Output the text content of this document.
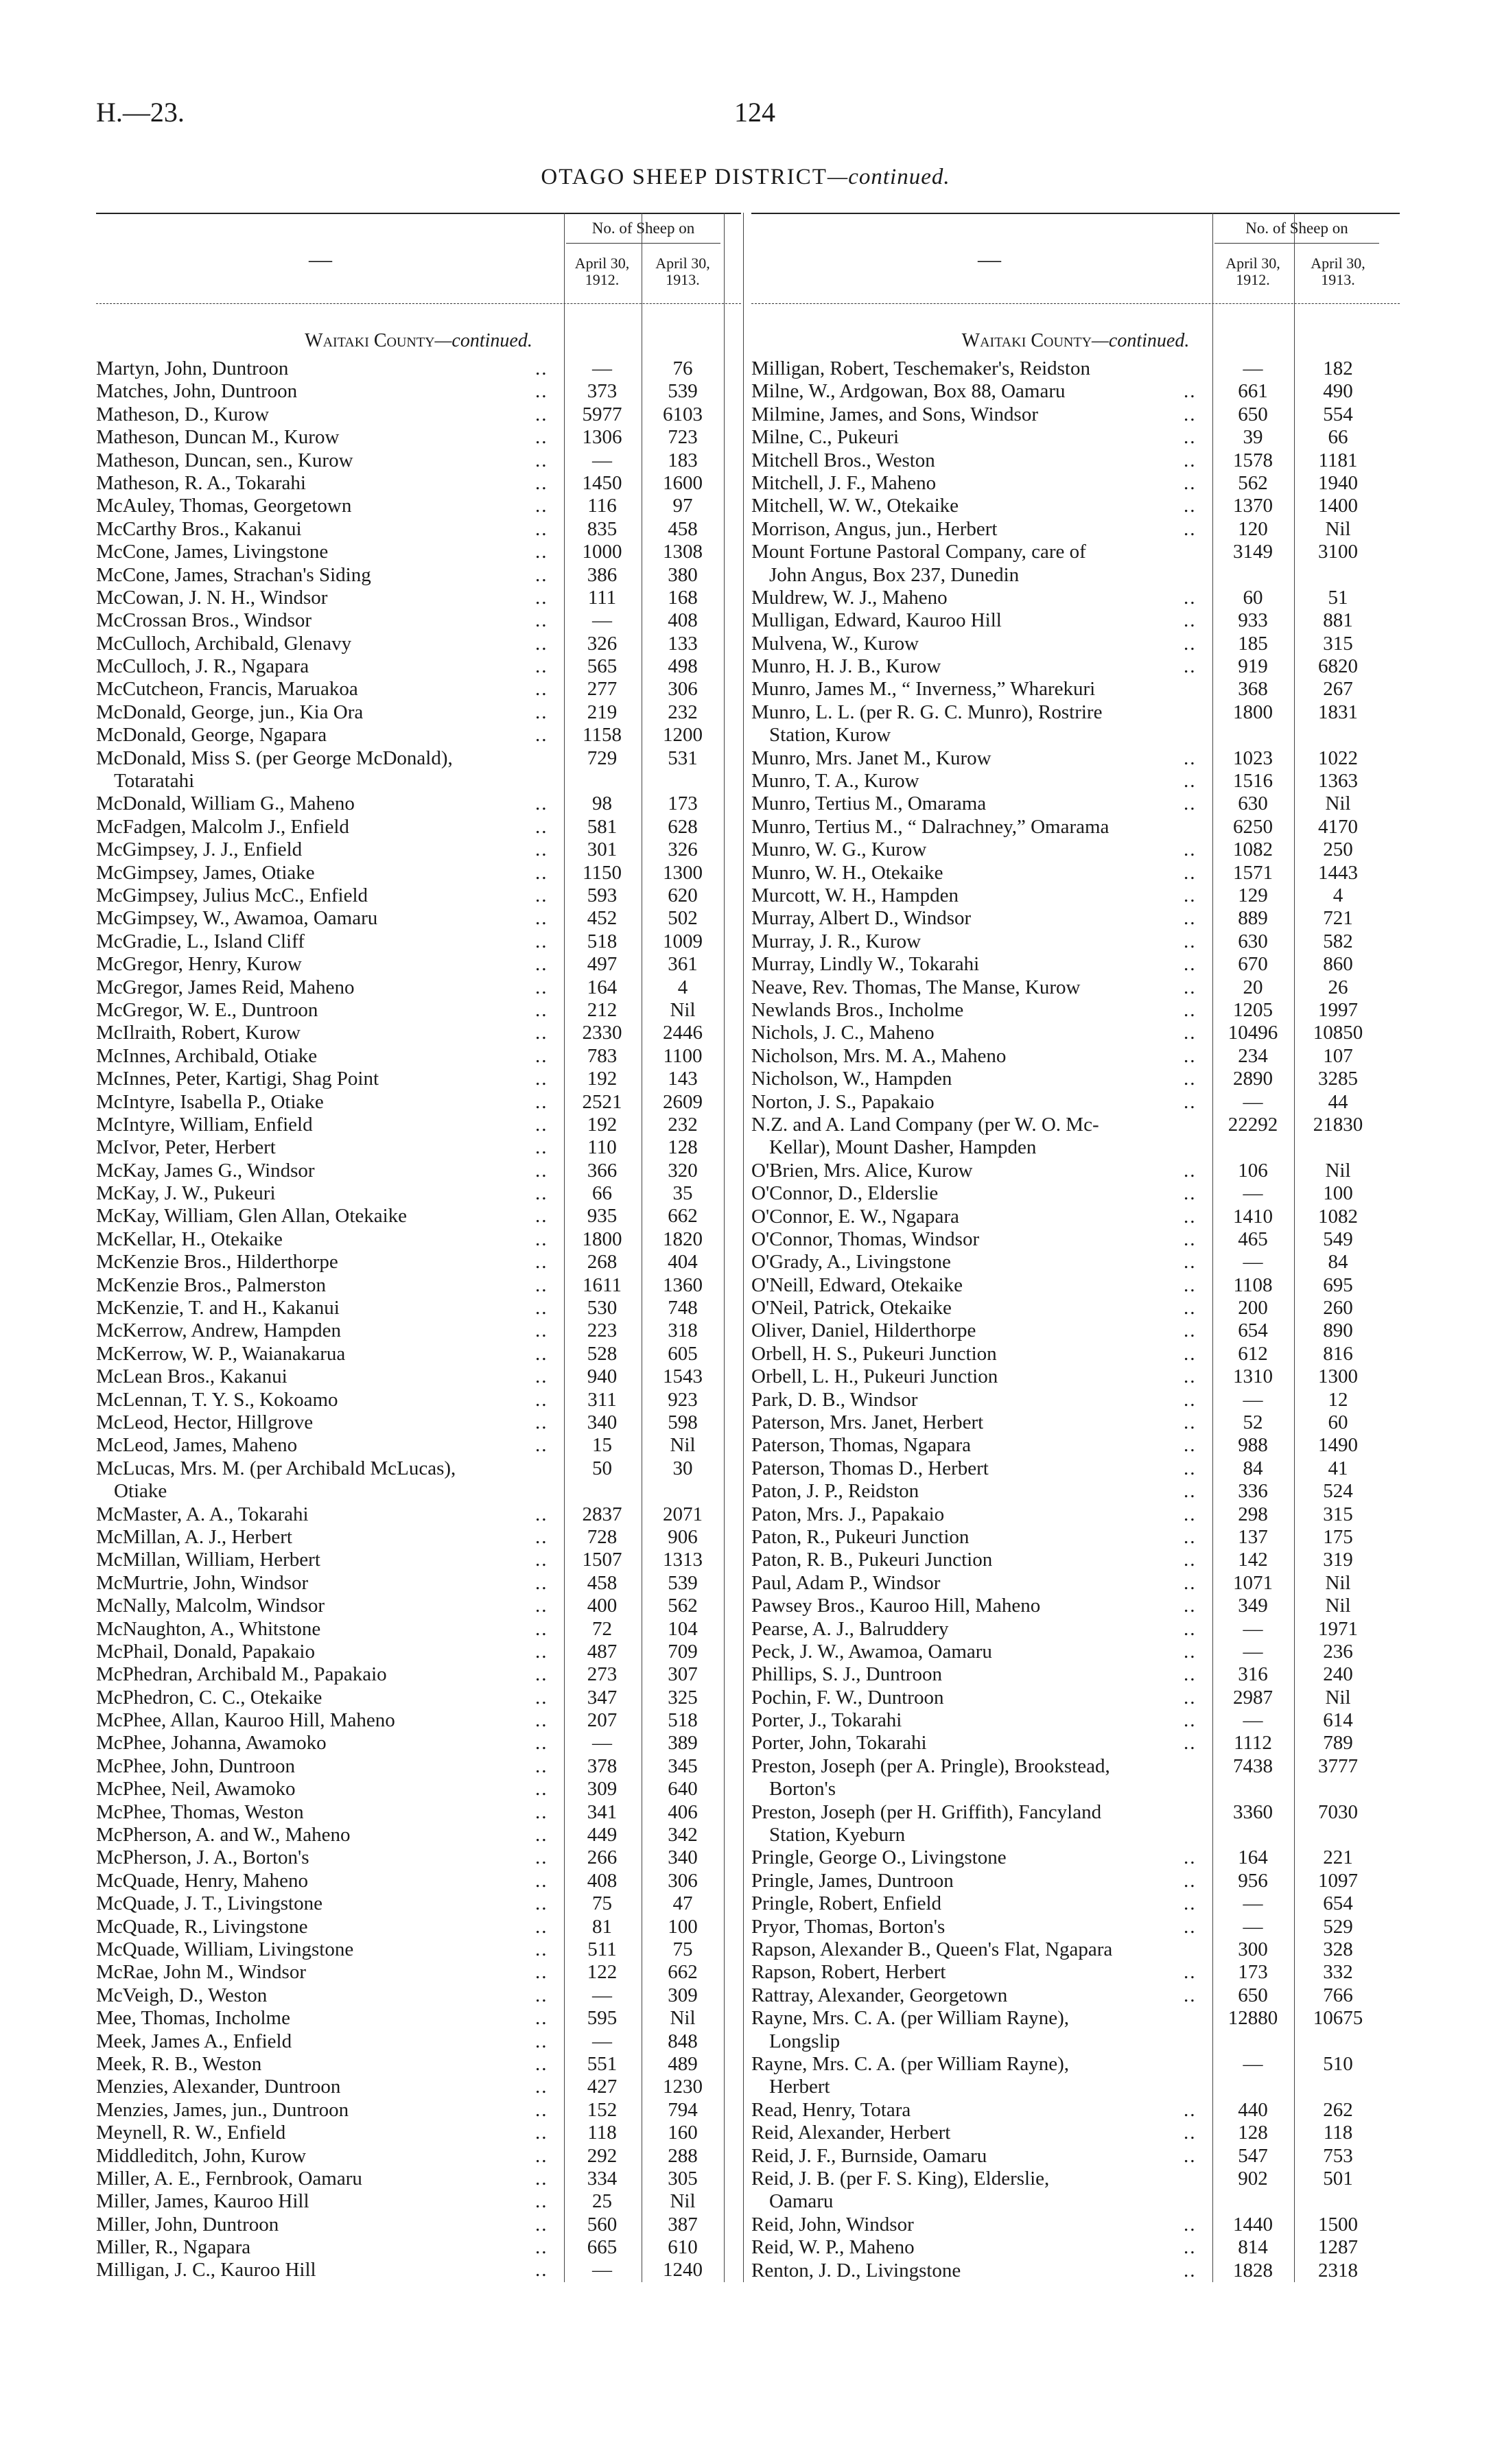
H.—23.	124
OTAGO SHEEP DISTRICT—continued.
—
No. of Sheep on
April 30,
1912.
April 30,
1913.
Waitaki County—continued.
Martyn, John, Duntroon	..	—	76
Matches, John, Duntroon	..	373	539
Matheson, D., Kurow	..	5977	6103
Matheson, Duncan M., Kurow	..	1306	723
Matheson, Duncan, sen., Kurow	..	—	183
Matheson, R. A., Tokarahi	..	1450	1600
McAuley, Thomas, Georgetown	..	116	97
McCarthy Bros., Kakanui	..	835	458
McCone, James, Livingstone	..	1000	1308
McCone, James, Strachan's Siding	..	386	380
McCowan, J. N. H., Windsor	..	111	168
McCrossan Bros., Windsor	..	—	408
McCulloch, Archibald, Glenavy	..	326	133
McCulloch, J. R., Ngapara	..	565	498
McCutcheon, Francis, Maruakoa	..	277	306
McDonald, George, jun., Kia Ora	..	219	232
McDonald, George, Ngapara	..	1158	1200
McDonald, Miss S. (per George McDonald),
Totaratahi
729	531
McDonald, William G., Maheno	..	98	173
McFadgen, Malcolm J., Enfield	..	581	628
McGimpsey, J. J., Enfield	..	301	326
McGimpsey, James, Otiake	..	1150	1300
McGimpsey, Julius McC., Enfield	..	593	620
McGimpsey, W., Awamoa, Oamaru	..	452	502
McGradie, L., Island Cliff	..	518	1009
McGregor, Henry, Kurow	..	497	361
McGregor, James Reid, Maheno	..	164	4
McGregor, W. E., Duntroon	..	212	Nil
McIlraith, Robert, Kurow	..	2330	2446
McInnes, Archibald, Otiake	..	783	1100
McInnes, Peter, Kartigi, Shag Point	..	192	143
McIntyre, Isabella P., Otiake	..	2521	2609
McIntyre, William, Enfield	..	192	232
McIvor, Peter, Herbert	..	110	128
McKay, James G., Windsor	..	366	320
McKay, J. W., Pukeuri	..	66	35
McKay, William, Glen Allan, Otekaike	..	935	662
McKellar, H., Otekaike	..	1800	1820
McKenzie Bros., Hilderthorpe	..	268	404
McKenzie Bros., Palmerston	..	1611	1360
McKenzie, T. and H., Kakanui	..	530	748
McKerrow, Andrew, Hampden	..	223	318
McKerrow, W. P., Waianakarua	..	528	605
McLean Bros., Kakanui	..	940	1543
McLennan, T. Y. S., Kokoamo	..	311	923
McLeod, Hector, Hillgrove	..	340	598
McLeod, James, Maheno	..	15	Nil
McLucas, Mrs. M. (per Archibald McLucas),
Otiake
50	30
McMaster, A. A., Tokarahi	..	2837	2071
McMillan, A. J., Herbert	..	728	906
McMillan, William, Herbert	..	1507	1313
McMurtrie, John, Windsor	..	458	539
McNally, Malcolm, Windsor	..	400	562
McNaughton, A., Whitstone	..	72	104
McPhail, Donald, Papakaio	..	487	709
McPhedran, Archibald M., Papakaio	..	273	307
McPhedron, C. C., Otekaike	..	347	325
McPhee, Allan, Kauroo Hill, Maheno	..	207	518
McPhee, Johanna, Awamoko	..	—	389
McPhee, John, Duntroon	..	378	345
McPhee, Neil, Awamoko	..	309	640
McPhee, Thomas, Weston	..	341	406
McPherson, A. and W., Maheno	..	449	342
McPherson, J. A., Borton's	..	266	340
McQuade, Henry, Maheno	..	408	306
McQuade, J. T., Livingstone	..	75	47
McQuade, R., Livingstone	..	81	100
McQuade, William, Livingstone	..	511	75
McRae, John M., Windsor	..	122	662
McVeigh, D., Weston	..	—	309
Mee, Thomas, Incholme	..	595	Nil
Meek, James A., Enfield	..	—	848
Meek, R. B., Weston	..	551	489
Menzies, Alexander, Duntroon	..	427	1230
Menzies, James, jun., Duntroon	..	152	794
Meynell, R. W., Enfield	..	118	160
Middleditch, John, Kurow	..	292	288
Miller, A. E., Fernbrook, Oamaru	..	334	305
Miller, James, Kauroo Hill	..	25	Nil
Miller, John, Duntroon	..	560	387
Miller, R., Ngapara	..	665	610
Milligan, J. C., Kauroo Hill	..	—	1240
—
No. of Sheep on
April 30,
1912.
April 30,
1913.
Waitaki County—continued.
Milligan, Robert, Teschemaker's, Reidston	—	182
Milne, W., Ardgowan, Box 88, Oamaru	..	661	490
Milmine, James, and Sons, Windsor	..	650	554
Milne, C., Pukeuri	..	39	66
Mitchell Bros., Weston	..	1578	1181
Mitchell, J. F., Maheno	..	562	1940
Mitchell, W. W., Otekaike	..	1370	1400
Morrison, Angus, jun., Herbert	..	120	Nil
Mount Fortune Pastoral Company, care of
John Angus, Box 237, Dunedin
3149	3100
Muldrew, W. J., Maheno	..	60	51
Mulligan, Edward, Kauroo Hill	..	933	881
Mulvena, W., Kurow	..	185	315
Munro, H. J. B., Kurow	..	919	6820
Munro, James M., “ Inverness,” Wharekuri	368	267
Munro, L. L. (per R. G. C. Munro), Rostrire
Station, Kurow
1800	1831
Munro, Mrs. Janet M., Kurow	..	1023	1022
Munro, T. A., Kurow	..	1516	1363
Munro, Tertius M., Omarama	..	630	Nil
Munro, Tertius M., “ Dalrachney,” Omarama	6250	4170
Munro, W. G., Kurow	..	1082	250
Munro, W. H., Otekaike	..	1571	1443
Murcott, W. H., Hampden	..	129	4
Murray, Albert D., Windsor	..	889	721
Murray, J. R., Kurow	..	630	582
Murray, Lindly W., Tokarahi	..	670	860
Neave, Rev. Thomas, The Manse, Kurow	..	20	26
Newlands Bros., Incholme	..	1205	1997
Nichols, J. C., Maheno	..	10496	10850
Nicholson, Mrs. M. A., Maheno	..	234	107
Nicholson, W., Hampden	..	2890	3285
Norton, J. S., Papakaio	..	—	44
N.Z. and A. Land Company (per W. O. Mc-
Kellar), Mount Dasher, Hampden
22292	21830
O'Brien, Mrs. Alice, Kurow	..	106	Nil
O'Connor, D., Elderslie	..	—	100
O'Connor, E. W., Ngapara	..	1410	1082
O'Connor, Thomas, Windsor	..	465	549
O'Grady, A., Livingstone	..	—	84
O'Neill, Edward, Otekaike	..	1108	695
O'Neil, Patrick, Otekaike	..	200	260
Oliver, Daniel, Hilderthorpe	..	654	890
Orbell, H. S., Pukeuri Junction	..	612	816
Orbell, L. H., Pukeuri Junction	..	1310	1300
Park, D. B., Windsor	..	—	12
Paterson, Mrs. Janet, Herbert	..	52	60
Paterson, Thomas, Ngapara	..	988	1490
Paterson, Thomas D., Herbert	..	84	41
Paton, J. P., Reidston	..	336	524
Paton, Mrs. J., Papakaio	..	298	315
Paton, R., Pukeuri Junction	..	137	175
Paton, R. B., Pukeuri Junction	..	142	319
Paul, Adam P., Windsor	..	1071	Nil
Pawsey Bros., Kauroo Hill, Maheno	..	349	Nil
Pearse, A. J., Balruddery	..	—	1971
Peck, J. W., Awamoa, Oamaru	..	—	236
Phillips, S. J., Duntroon	..	316	240
Pochin, F. W., Duntroon	..	2987	Nil
Porter, J., Tokarahi	..	—	614
Porter, John, Tokarahi	..	1112	789
Preston, Joseph (per A. Pringle), Brookstead,
Borton's
7438	3777
Preston, Joseph (per H. Griffith), Fancyland
Station, Kyeburn
3360	7030
Pringle, George O., Livingstone	..	164	221
Pringle, James, Duntroon	..	956	1097
Pringle, Robert, Enfield	..	—	654
Pryor, Thomas, Borton's	..	—	529
Rapson, Alexander B., Queen's Flat, Ngapara	300	328
Rapson, Robert, Herbert	..	173	332
Rattray, Alexander, Georgetown	..	650	766
Rayne, Mrs. C. A. (per William Rayne),
Longslip
12880	10675
Rayne, Mrs. C. A. (per William Rayne),
Herbert
—	510
Read, Henry, Totara	..	440	262
Reid, Alexander, Herbert	..	128	118
Reid, J. F., Burnside, Oamaru	..	547	753
Reid, J. B. (per F. S. King), Elderslie,
Oamaru
902	501
Reid, John, Windsor	..	1440	1500
Reid, W. P., Maheno	..	814	1287
Renton, J. D., Livingstone	..	1828	2318
